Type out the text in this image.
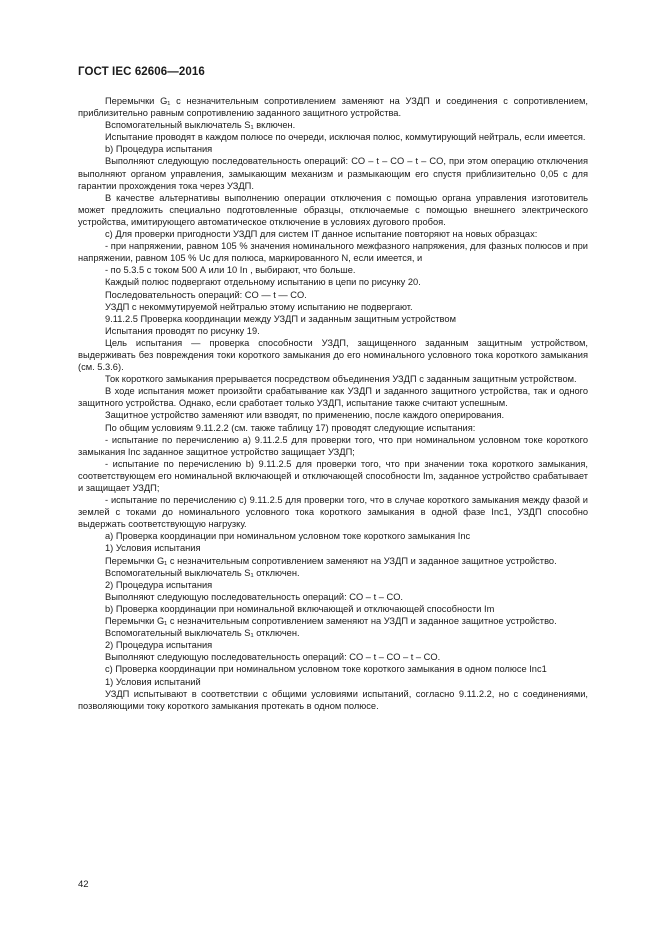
ГОСТ IEC 62606—2016

Перемычки G₁ с незначительным сопротивлением заменяют на УЗДП и соединения с сопротивлением, приблизительно равным сопротивлению заданного защитного устройства.

Вспомогательный выключатель S₁ включен.

Испытание проводят в каждом полюсе по очереди, исключая полюс, коммутирующий нейтраль, если имеется.

b) Процедура испытания

Выполняют следующую последовательность операций: CO – t – CO – t – CO, при этом операцию отключения выполняют органом управления, замыкающим механизм и размыкающим его спустя приблизительно 0,05 с для гарантии прохождения тока через УЗДП.

В качестве альтернативы выполнению операции отключения с помощью органа управления изготовитель может предложить специально подготовленные образцы, отключаемые с помощью внешнего электрического устройства, имитирующего автоматическое отключение в условиях дугового пробоя.

c) Для проверки пригодности УЗДП для систем IT данное испытание повторяют на новых образцах:

- при напряжении, равном 105 % значения номинального межфазного напряжения, для фазных полюсов и при напряжении, равном 105 % Uc для полюса, маркированного N, если имеется, и

- по 5.3.5 с током 500 А или 10 In , выбирают, что больше.

Каждый полюс подвергают отдельному испытанию в цепи по рисунку 20.

Последовательность операций: CO — t — CO.

УЗДП с некоммутируемой нейтралью этому испытанию не подвергают.

9.11.2.5 Проверка координации между УЗДП и заданным защитным устройством

Испытания проводят по рисунку 19.

Цель испытания — проверка способности УЗДП, защищенного заданным защитным устройством, выдерживать без повреждения токи короткого замыкания до его номинального условного тока короткого замыкания (см. 5.3.6).

Ток короткого замыкания прерывается посредством объединения УЗДП с заданным защитным устройством.

В ходе испытания может произойти срабатывание как УЗДП и заданного защитного устройства, так и одного защитного устройства. Однако, если сработает только УЗДП, испытание также считают успешным.

Защитное устройство заменяют или взводят, по применению, после каждого оперирования.

По общим условиям 9.11.2.2 (см. также таблицу 17) проводят следующие испытания:

- испытание по перечислению а) 9.11.2.5 для проверки того, что при номинальном условном токе короткого замыкания Inc заданное защитное устройство защищает УЗДП;

- испытание по перечислению b) 9.11.2.5 для проверки того, что при значении тока короткого замыкания, соответствующем его номинальной включающей и отключающей способности Im, заданное устройство срабатывает и защищает УЗДП;

- испытание по перечислению с) 9.11.2.5 для проверки того, что в случае короткого замыкания между фазой и землей с токами до номинального условного тока короткого замыкания в одной фазе Inc1, УЗДП способно выдержать соответствующую нагрузку.

a) Проверка координации при номинальном условном токе короткого замыкания Inc

1) Условия испытания

Перемычки G₁ с незначительным сопротивлением заменяют на УЗДП и заданное защитное устройство.

Вспомогательный выключатель S₁ отключен.

2) Процедура испытания

Выполняют следующую последовательность операций: CO – t – CO.

b) Проверка координации при номинальной включающей и отключающей способности Im

Перемычки G₁ с незначительным сопротивлением заменяют на УЗДП и заданное защитное устройство.

Вспомогательный выключатель S₁ отключен.

2) Процедура испытания

Выполняют следующую последовательность операций: CO – t – CO – t – CO.

c) Проверка координации при номинальном условном токе короткого замыкания в одном полюсе Inc1

1) Условия испытаний

УЗДП испытывают в соответствии с общими условиями испытаний, согласно 9.11.2.2, но с соединениями, позволяющими току короткого замыкания протекать в одном полюсе.

42
